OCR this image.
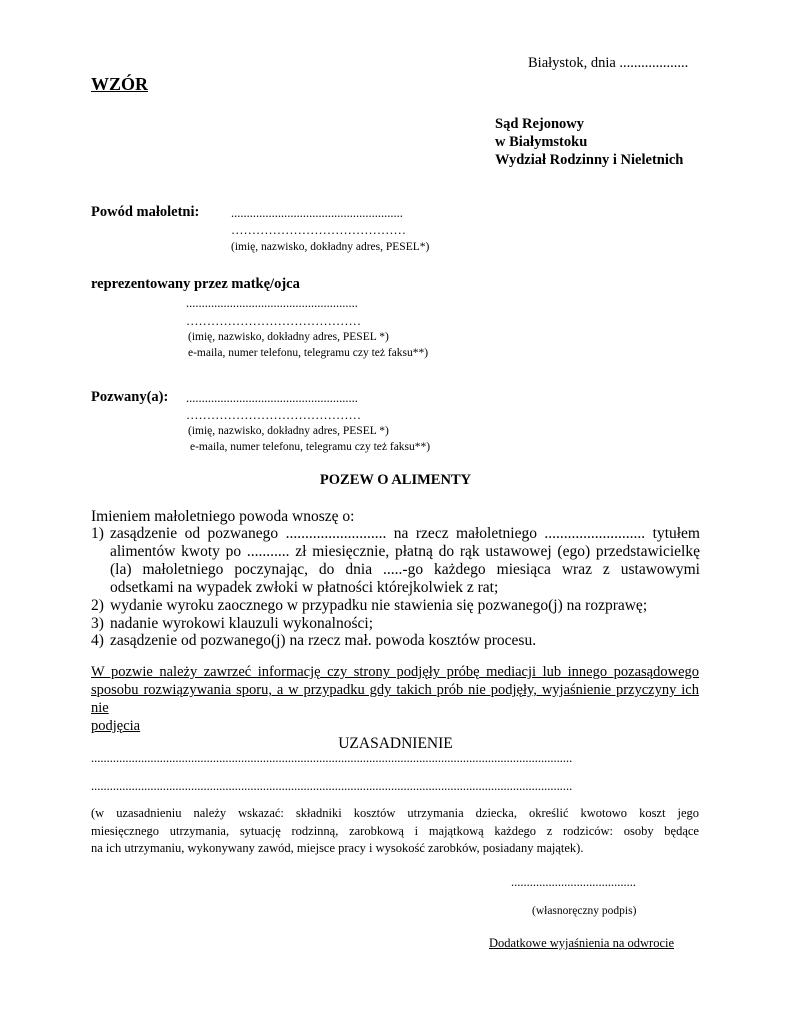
Białystok, dnia ...................
WZÓR
Sąd Rejonowy
w Białymstoku
Wydział Rodzinny i Nieletnich
Powód małoletni:	.......................................................
……………………………………
(imię, nazwisko, dokładny adres, PESEL*)
reprezentowany przez matkę/ojca
.......................................................
……………………………………
(imię, nazwisko, dokładny adres, PESEL *)
e-maila, numer telefonu, telegramu czy też faksu**)
Pozwany(a): .......................................................
……………………………………
(imię, nazwisko, dokładny adres, PESEL *)
e-maila, numer telefonu, telegramu czy też faksu**)
POZEW O ALIMENTY
Imieniem małoletniego powoda wnoszę o:
1) zasądzenie od pozwanego .......................... na rzecz małoletniego .......................... tytułem
alimentów kwoty po ........... zł miesięcznie, płatną do rąk ustawowej (ego) przedstawicielkę
(la) małoletniego poczynając, do dnia .....-go każdego miesiąca wraz z ustawowymi
odsetkami na wypadek zwłoki w płatności którejkolwiek z rat;
2) wydanie wyroku zaocznego w przypadku nie stawienia się pozwanego(j) na rozprawę;
3) nadanie wyrokowi klauzuli wykonalności;
4) zasądzenie od pozwanego(j) na rzecz mał. powoda kosztów procesu.
W pozwie należy zawrzeć informację czy strony podjęły próbę mediacji lub innego pozasądowego
sposobu rozwiązywania sporu, a w przypadku gdy takich prób nie podjęły, wyjaśnienie przyczyny ich nie
podjęcia
UZASADNIENIE
..........................................................................................................................................................
..........................................................................................................................................................
(w uzasadnieniu należy wskazać: składniki kosztów utrzymania dziecka, określić kwotowo koszt jego
miesięcznego utrzymania, sytuację rodzinną, zarobkową i majątkową każdego z rodziców: osoby będące
na ich utrzymaniu, wykonywany zawód, miejsce pracy i wysokość zarobków, posiadany majątek).
........................................
(własnoręczny podpis)
Dodatkowe wyjaśnienia na odwrocie
